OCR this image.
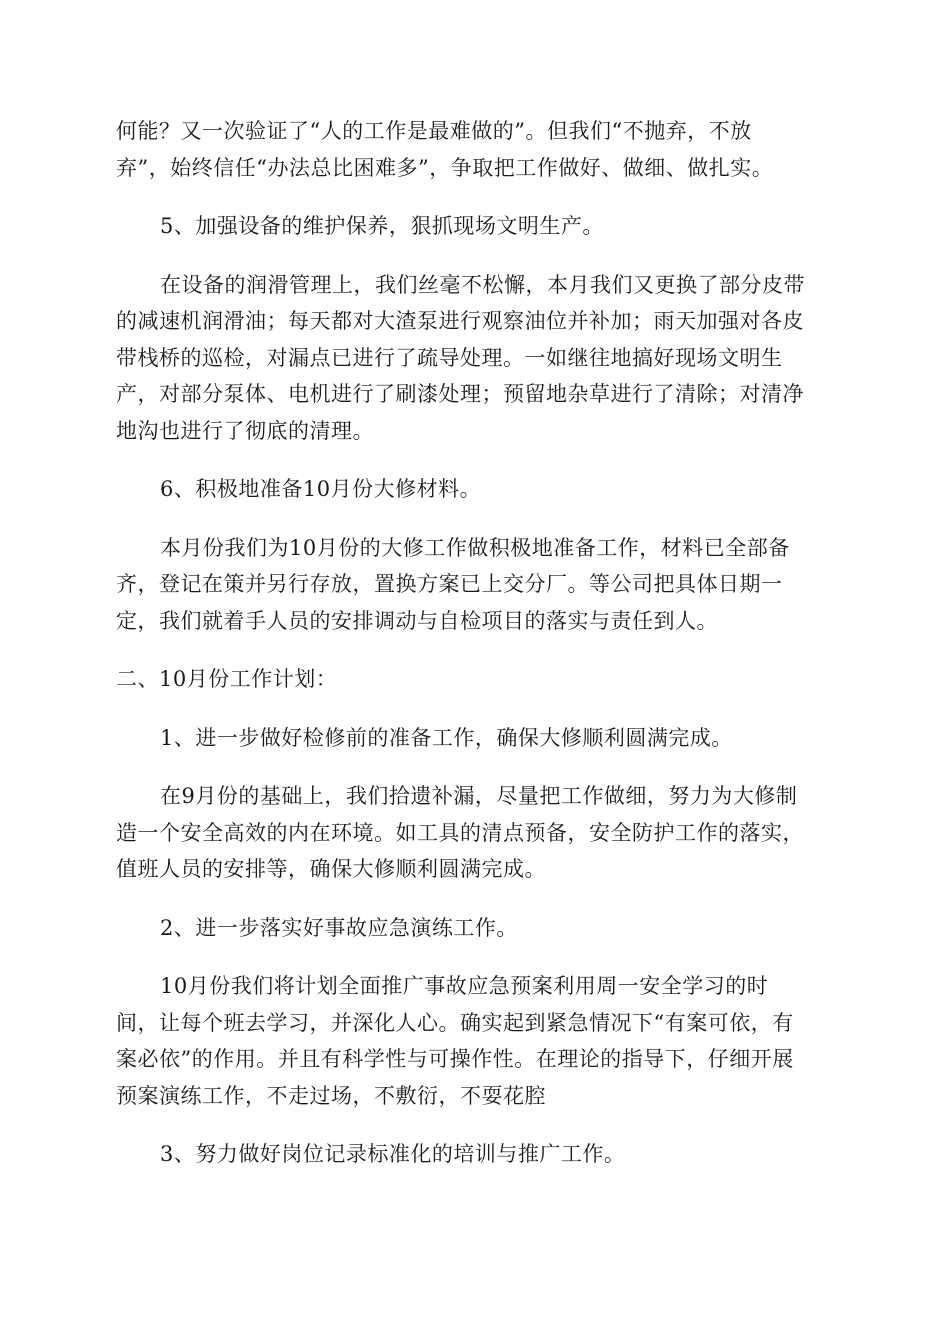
何能？又一次验证了“人的工作是最难做的”。但我们“不抛弃，不放
弃”，始终信任“办法总比困难多”，争取把工作做好、做细、做扎实。

5、加强设备的维护保养，狠抓现场文明生产。

在设备的润滑管理上，我们丝毫不松懈，本月我们又更换了部分皮带
的减速机润滑油；每天都对大渣泵进行观察油位并补加；雨天加强对各皮
带栈桥的巡检，对漏点已进行了疏导处理。一如继往地搞好现场文明生
产，对部分泵体、电机进行了刷漆处理；预留地杂草进行了清除；对清净
地沟也进行了彻底的清理。

6、积极地准备10月份大修材料。

本月份我们为10月份的大修工作做积极地准备工作，材料已全部备
齐，登记在策并另行存放，置换方案已上交分厂。等公司把具体日期一
定，我们就着手人员的安排调动与自检项目的落实与责任到人。

二、10月份工作计划：

1、进一步做好检修前的准备工作，确保大修顺利圆满完成。

在9月份的基础上，我们拾遗补漏，尽量把工作做细，努力为大修制
造一个安全高效的内在环境。如工具的清点预备，安全防护工作的落实，
值班人员的安排等，确保大修顺利圆满完成。

2、进一步落实好事故应急演练工作。

10月份我们将计划全面推广事故应急预案利用周一安全学习的时
间，让每个班去学习，并深化人心。确实起到紧急情况下“有案可依，有
案必依”的作用。并且有科学性与可操作性。在理论的指导下，仔细开展
预案演练工作，不走过场，不敷衍，不耍花腔

3、努力做好岗位记录标准化的培训与推广工作。
